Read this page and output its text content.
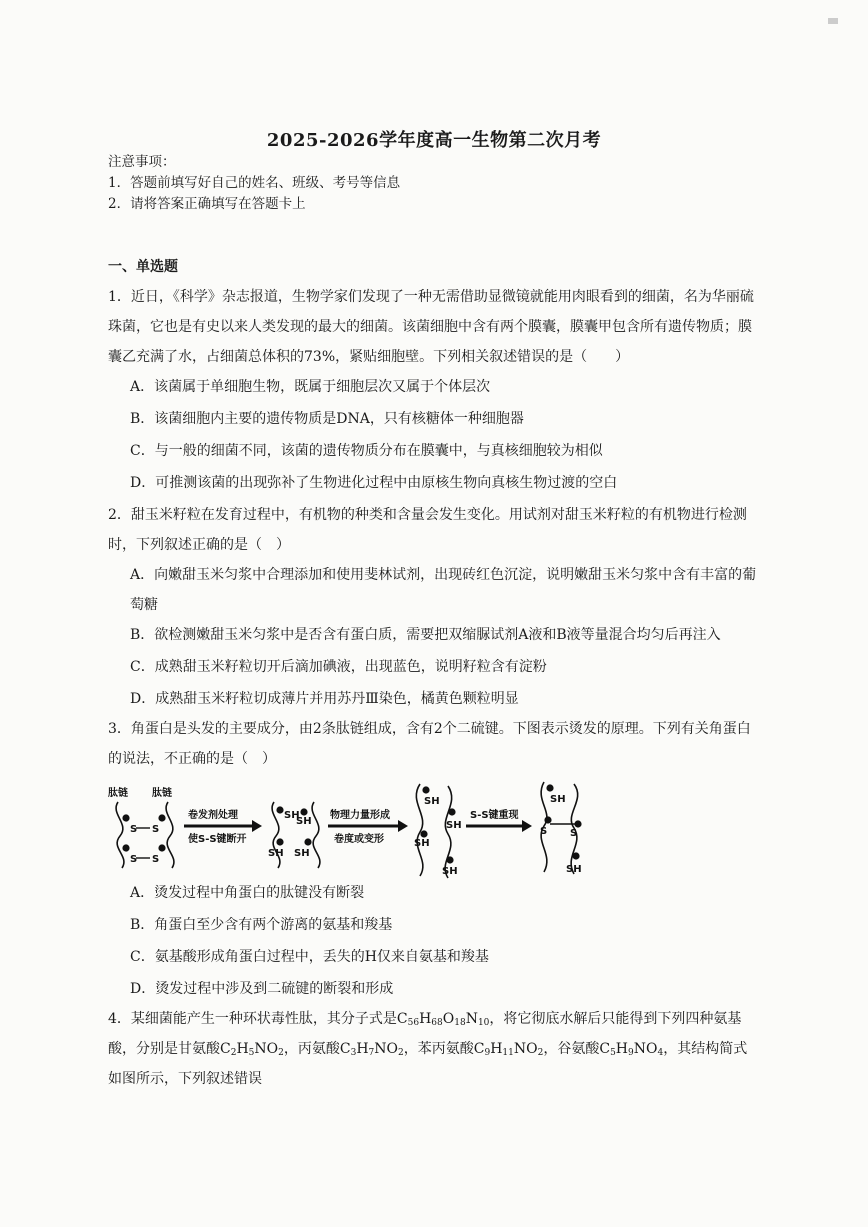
2025-2026学年度高一生物第二次月考
注意事项：
1．答题前填写好自己的姓名、班级、考号等信息
2．请将答案正确填写在答题卡上
一、单选题

1．近日，《科学》杂志报道，生物学家们发现了一种无需借助显微镜就能用肉眼看到的细菌，名为华丽硫珠菌，它也是有史以来人类发现的最大的细菌。该菌细胞中含有两个膜囊，膜囊甲包含所有遗传物质；膜囊乙充满了水，占细菌总体积的73%，紧贴细胞壁。下列相关叙述错误的是（　　）

A．该菌属于单细胞生物，既属于细胞层次又属于个体层次
B．该菌细胞内主要的遗传物质是DNA，只有核糖体一种细胞器
C．与一般的细菌不同，该菌的遗传物质分布在膜囊中，与真核细胞较为相似
D．可推测该菌的出现弥补了生物进化过程中由原核生物向真核生物过渡的空白

2．甜玉米籽粒在发育过程中，有机物的种类和含量会发生变化。用试剂对甜玉米籽粒的有机物进行检测时，下列叙述正确的是（　）

A．向嫩甜玉米匀浆中合理添加和使用斐林试剂，出现砖红色沉淀，说明嫩甜玉米匀浆中含有丰富的葡萄糖
B．欲检测嫩甜玉米匀浆中是否含有蛋白质，需要把双缩脲试剂A液和B液等量混合均匀后再注入
C．成熟甜玉米籽粒切开后滴加碘液，出现蓝色，说明籽粒含有淀粉
D．成熟甜玉米籽粒切成薄片并用苏丹Ⅲ染色，橘黄色颗粒明显

3．角蛋白是头发的主要成分，由2条肽链组成，含有2个二硫键。下图表示烫发的原理。下列有关角蛋白的说法，不正确的是（　）

肽链 肽链
S S
S S
卷发剂处理
使S-S键断开
SH
SH
SH SH
物理力量形成
卷度或变形
SH
SH
SH
SH
S-S键重现
SH
S S
SH
A．烫发过程中角蛋白的肽键没有断裂
B．角蛋白至少含有两个游离的氨基和羧基
C．氨基酸形成角蛋白过程中，丢失的H仅来自氨基和羧基
D．烫发过程中涉及到二硫键的断裂和形成

4．某细菌能产生一种环状毒性肽，其分子式是$C_{56}H_{68}O_{18}N_{10}$，将它彻底水解后只能得到下列四种氨基酸，分别是甘氨酸$C_2H_5NO_2$，丙氨酸$C_3H_7NO_2$，苯丙氨酸$C_9H_{11}NO_2$，谷氨酸$C_5H_9NO_4$，其结构简式如图所示，下列叙述错误
